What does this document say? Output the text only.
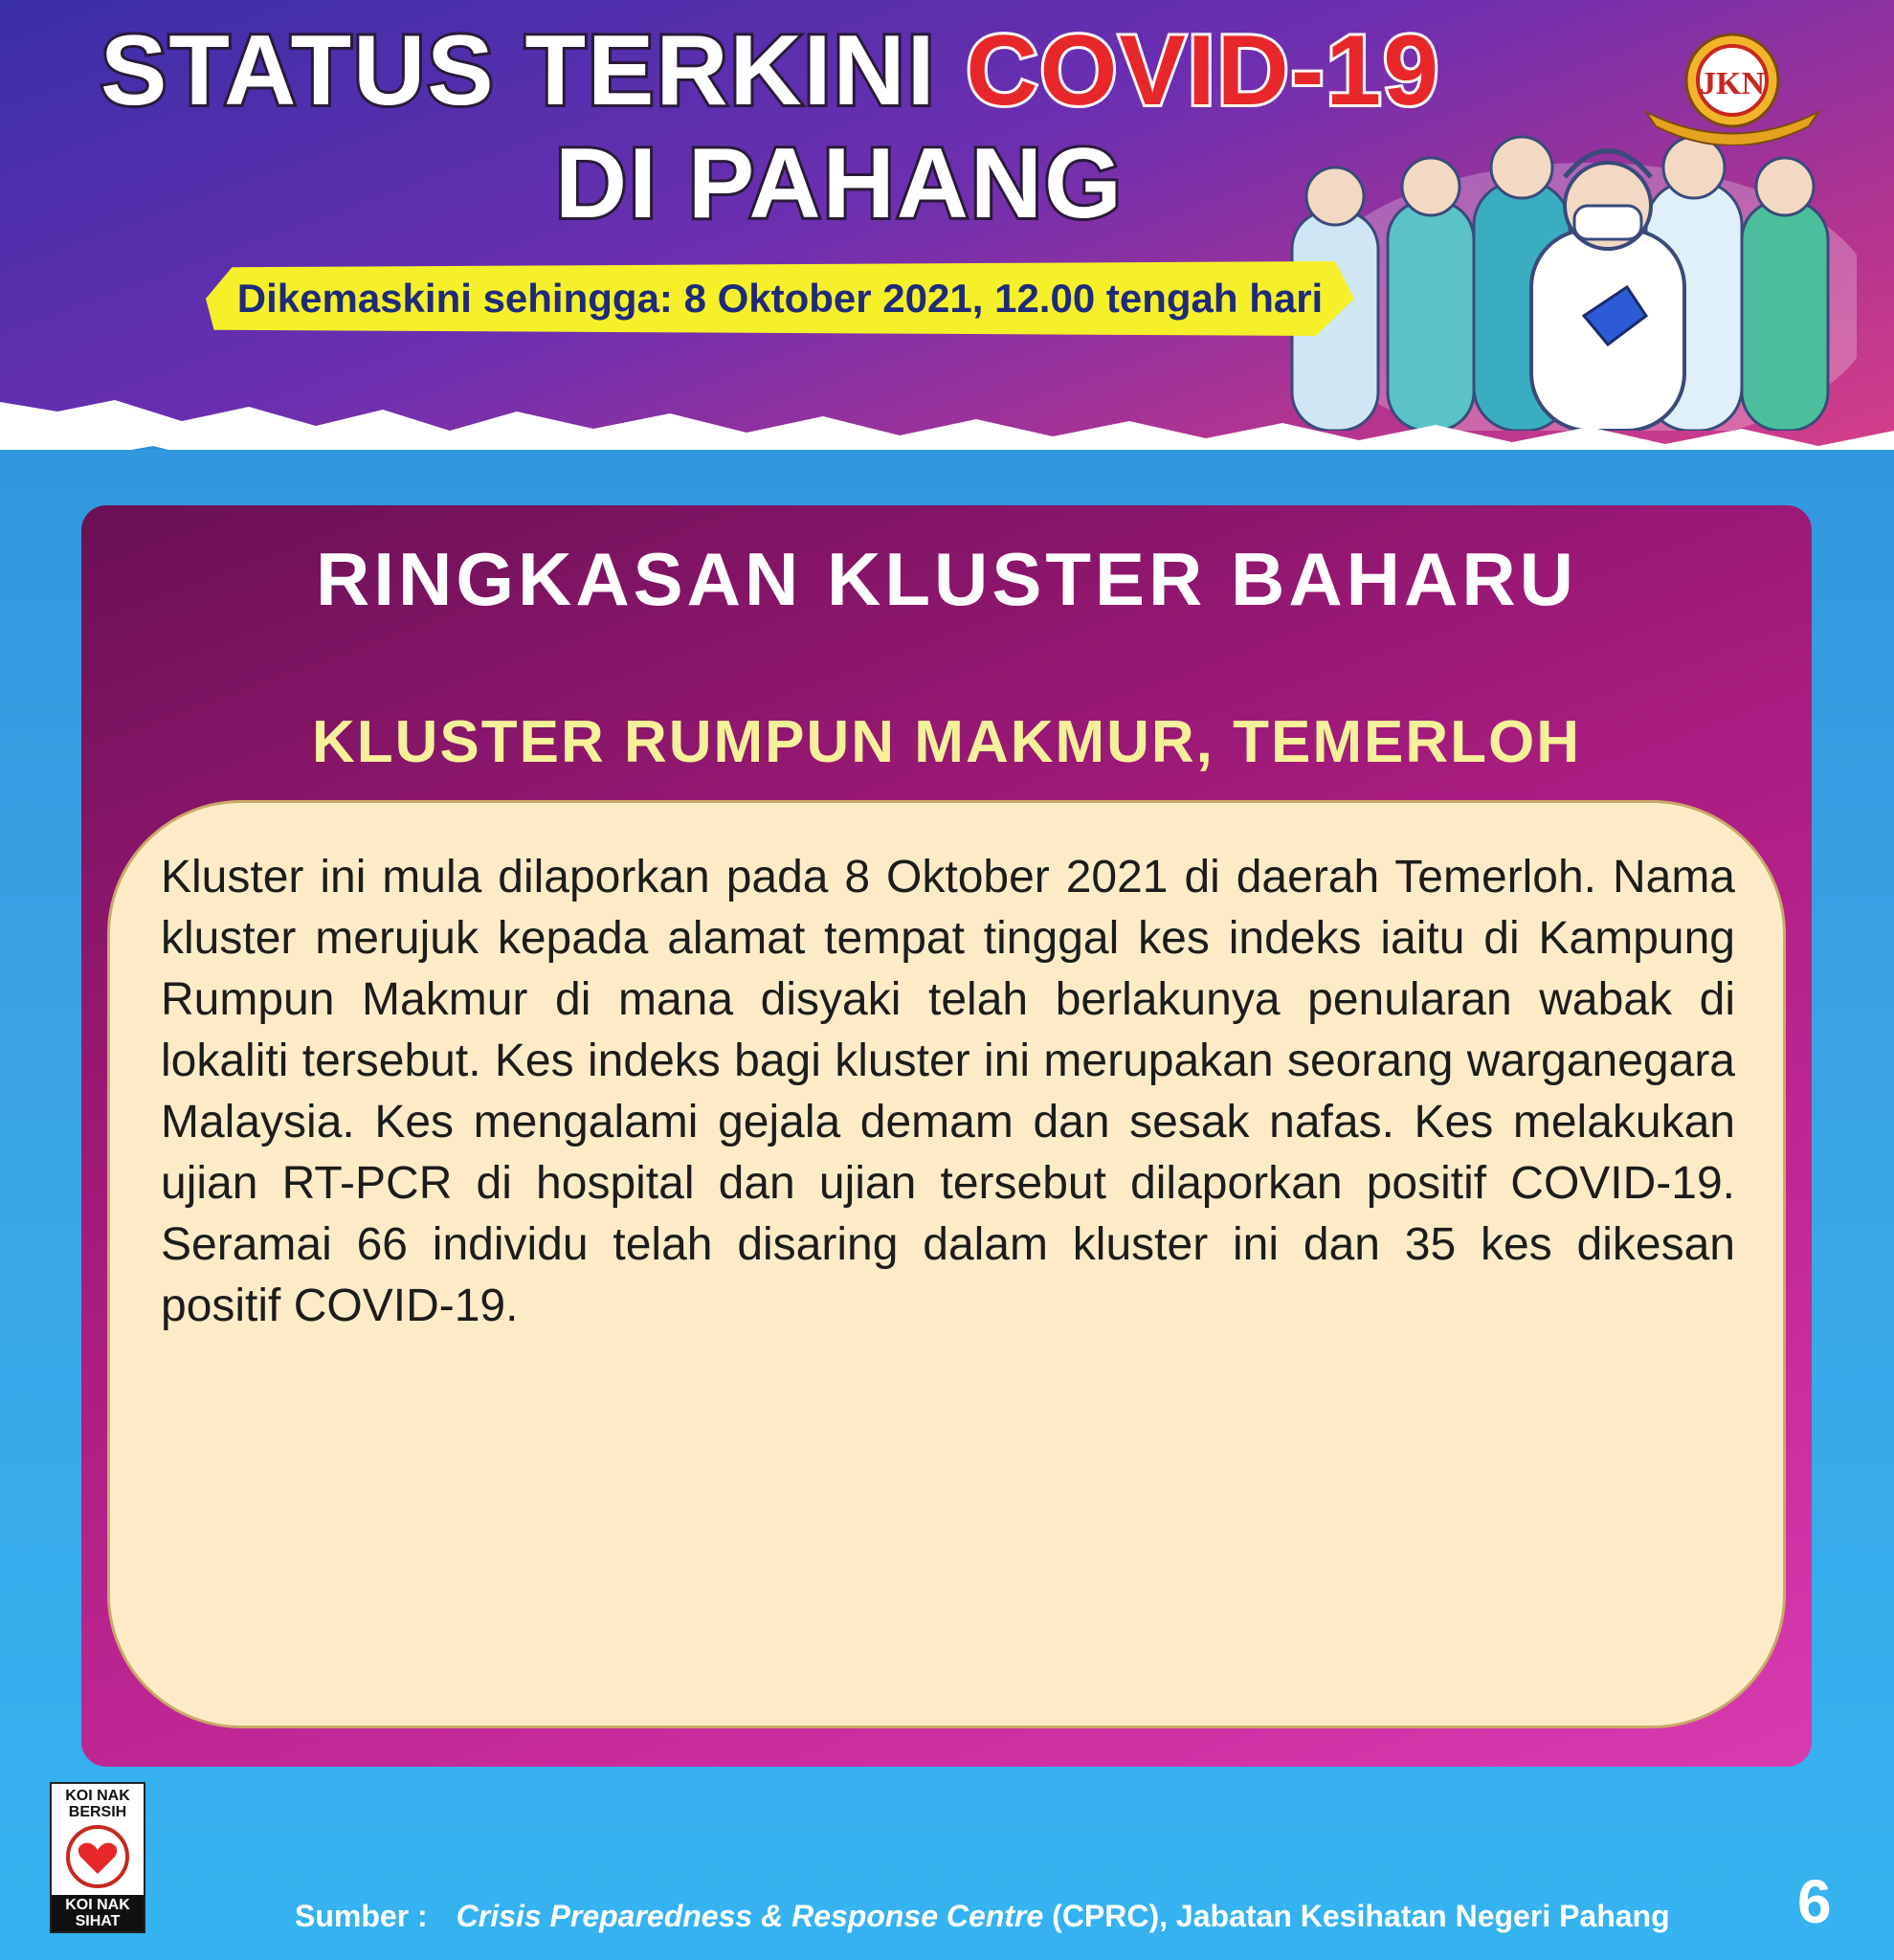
STATUS TERKINI COVID-19
DI PAHANG
Dikemaskini sehingga: 8 Oktober 2021, 12.00 tengah hari
JKN
RINGKASAN KLUSTER BAHARU
KLUSTER RUMPUN MAKMUR, TEMERLOH
Kluster ini mula dilaporkan pada 8 Oktober 2021 di daerah Temerloh. Nama kluster merujuk kepada alamat tempat tinggal kes indeks iaitu di Kampung Rumpun Makmur di mana disyaki telah berlakunya penularan wabak di lokaliti tersebut. Kes indeks bagi kluster ini merupakan seorang warganegara Malaysia. Kes mengalami gejala demam dan sesak nafas. Kes melakukan ujian RT-PCR di hospital dan ujian tersebut dilaporkan positif COVID-19. Seramai 66 individu telah disaring dalam kluster ini dan 35 kes dikesan positif COVID-19.
KOI NAK BERSIH
KOI NAK SIHAT	Sumber : Crisis Preparedness & Response Centre (CPRC), Jabatan Kesihatan Negeri Pahang 6
